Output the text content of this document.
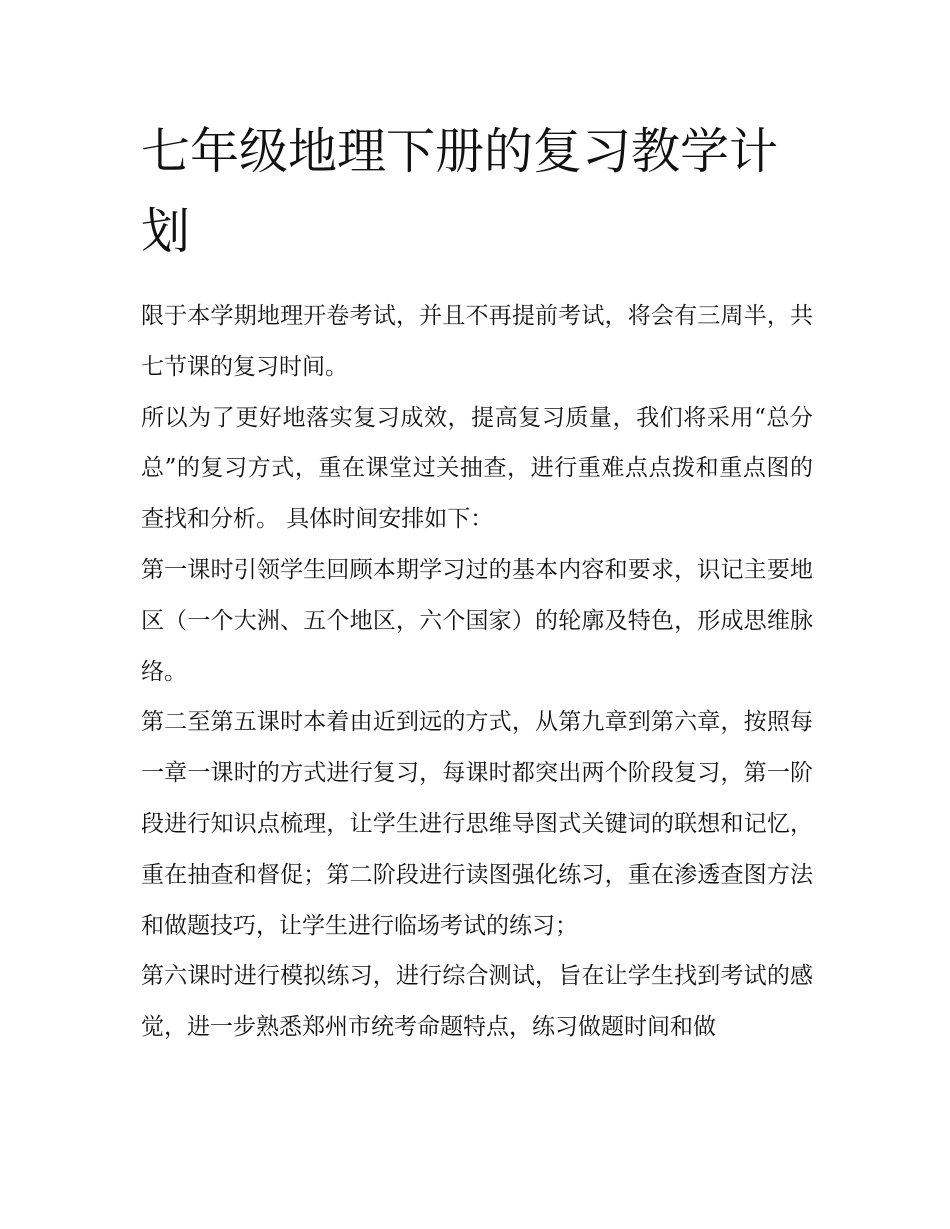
七年级地理下册的复习教学计划

限于本学期地理开卷考试，并且不再提前考试，将会有三周半，共七节课的复习时间。

所以为了更好地落实复习成效，提高复习质量，我们将采用“总分总”的复习方式，重在课堂过关抽查，进行重难点点拨和重点图的查找和分析。 具体时间安排如下：

第一课时引领学生回顾本期学习过的基本内容和要求，识记主要地区（一个大洲、五个地区，六个国家）的轮廓及特色，形成思维脉络。

第二至第五课时本着由近到远的方式，从第九章到第六章，按照每一章一课时的方式进行复习，每课时都突出两个阶段复习，第一阶段进行知识点梳理，让学生进行思维导图式关键词的联想和记忆，重在抽查和督促；第二阶段进行读图强化练习，重在渗透查图方法和做题技巧，让学生进行临场考试的练习；

第六课时进行模拟练习，进行综合测试，旨在让学生找到考试的感觉，进一步熟悉郑州市统考命题特点，练习做题时间和做
